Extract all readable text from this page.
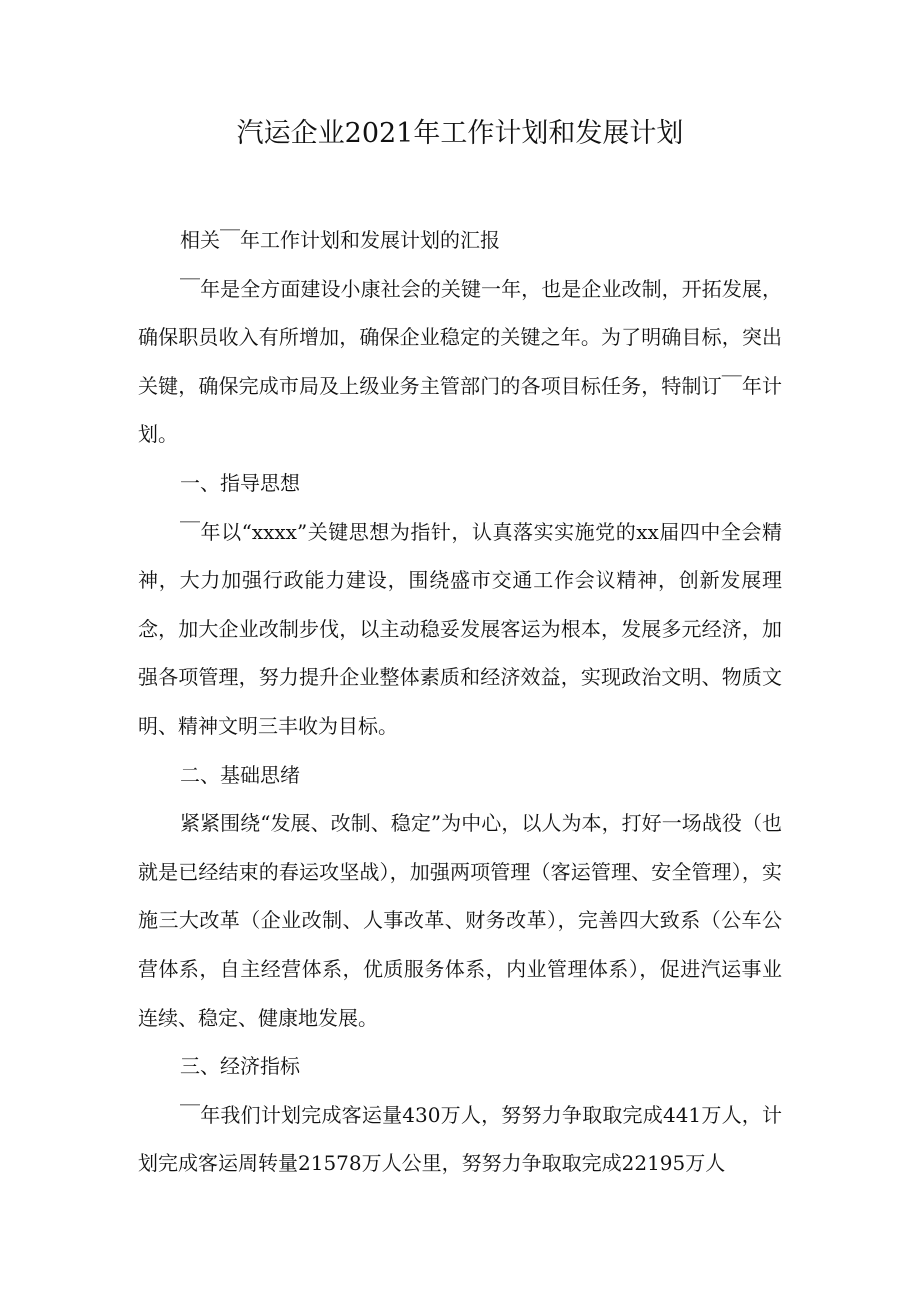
汽运企业2021年工作计划和发展计划

相关￣年工作计划和发展计划的汇报

￣年是全方面建设小康社会的关键一年，也是企业改制，开拓发展，确保职员收入有所增加，确保企业稳定的关键之年。为了明确目标，突出关键，确保完成市局及上级业务主管部门的各项目标任务，特制订￣年计划。

一、指导思想

￣年以“xxxx”关键思想为指针，认真落实实施党的xx届四中全会精神，大力加强行政能力建设，围绕盛市交通工作会议精神，创新发展理念，加大企业改制步伐，以主动稳妥发展客运为根本，发展多元经济，加强各项管理，努力提升企业整体素质和经济效益，实现政治文明、物质文明、精神文明三丰收为目标。

二、基础思绪

紧紧围绕“发展、改制、稳定”为中心，以人为本，打好一场战役（也就是已经结束的春运攻坚战），加强两项管理（客运管理、安全管理），实施三大改革（企业改制、人事改革、财务改革），完善四大致系（公车公营体系，自主经营体系，优质服务体系，内业管理体系），促进汽运事业连续、稳定、健康地发展。

三、经济指标

￣年我们计划完成客运量430万人，努努力争取取完成441万人，计划完成客运周转量21578万人公里，努努力争取取完成22195万人
